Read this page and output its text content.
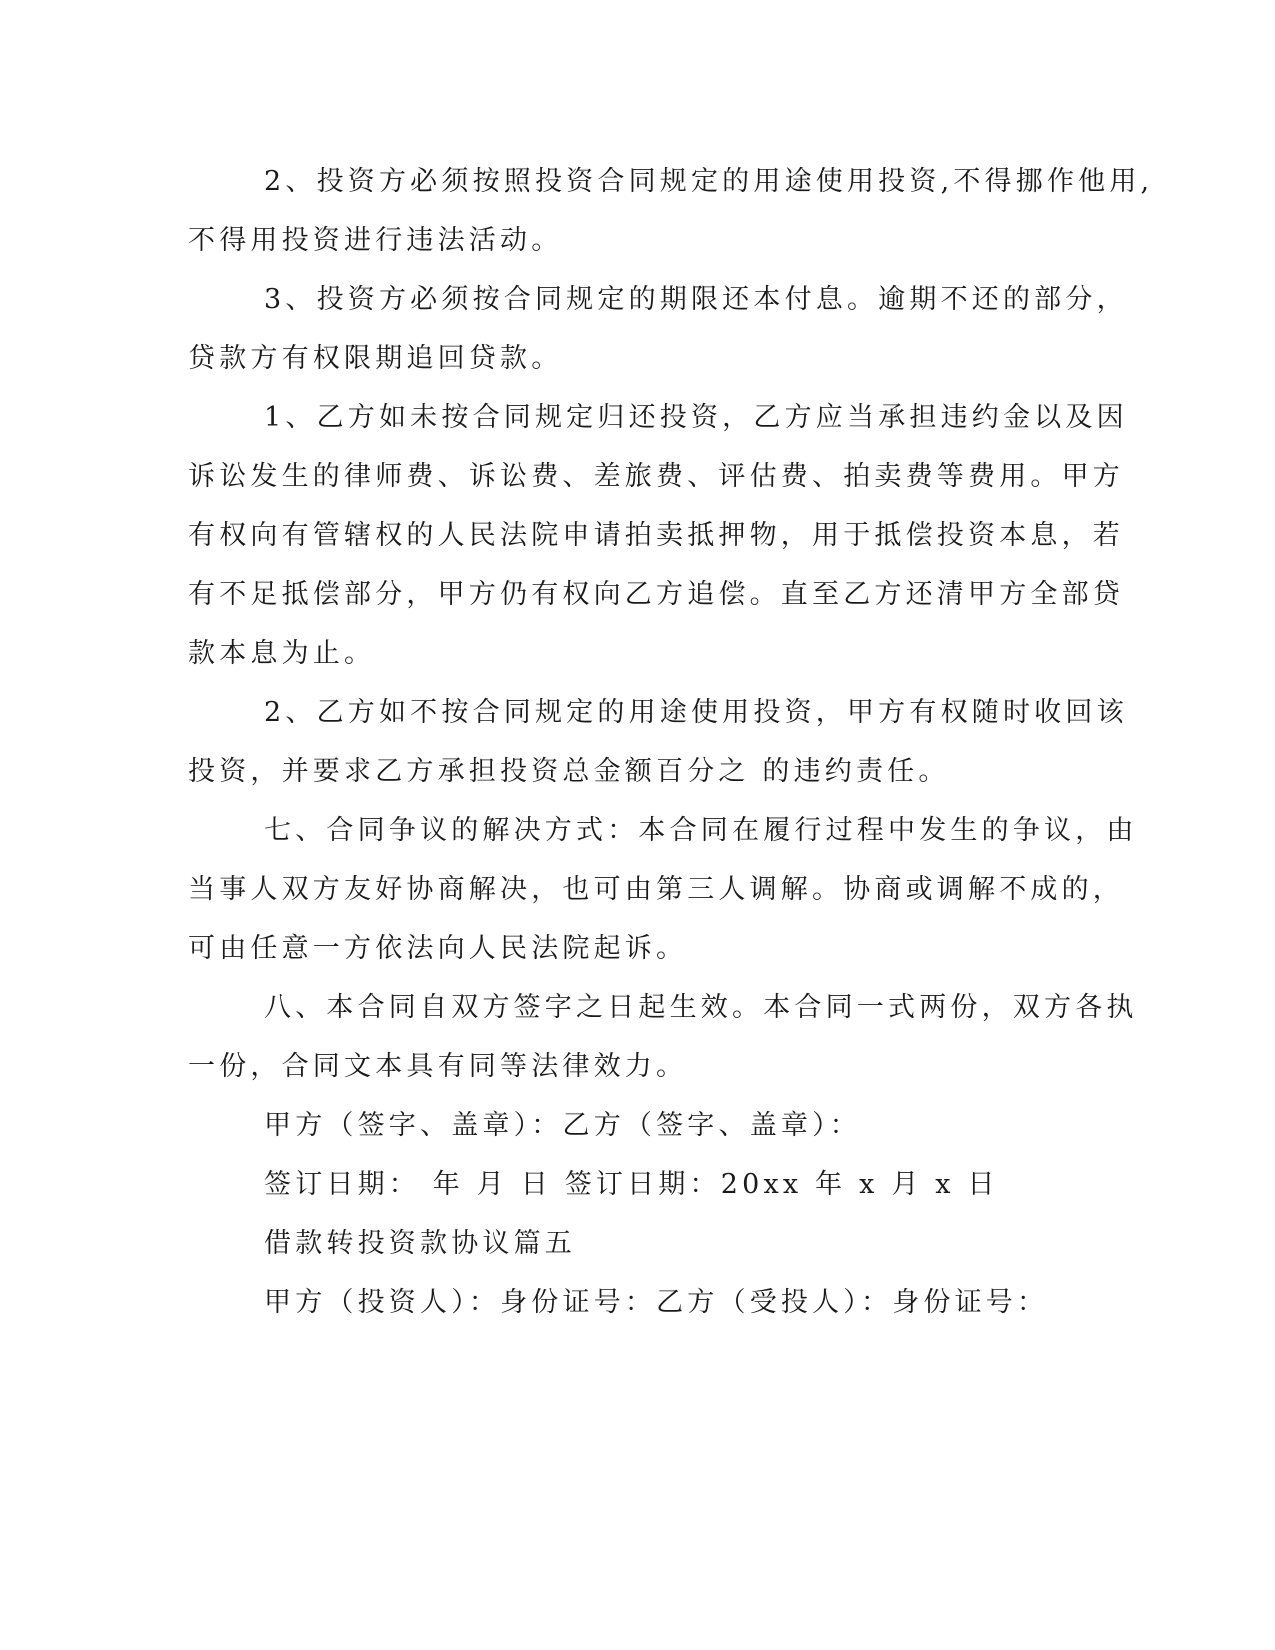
2、投资方必须按照投资合同规定的用途使用投资,不得挪作他用,
不得用投资进行违法活动。
3、投资方必须按合同规定的期限还本付息。逾期不还的部分，
贷款方有权限期追回贷款。
1、乙方如未按合同规定归还投资，乙方应当承担违约金以及因
诉讼发生的律师费、诉讼费、差旅费、评估费、拍卖费等费用。甲方
有权向有管辖权的人民法院申请拍卖抵押物，用于抵偿投资本息，若
有不足抵偿部分，甲方仍有权向乙方追偿。直至乙方还清甲方全部贷
款本息为止。
2、乙方如不按合同规定的用途使用投资，甲方有权随时收回该
投资，并要求乙方承担投资总金额百分之 的违约责任。
七、合同争议的解决方式：本合同在履行过程中发生的争议，由
当事人双方友好协商解决，也可由第三人调解。协商或调解不成的，
可由任意一方依法向人民法院起诉。
八、本合同自双方签字之日起生效。本合同一式两份，双方各执
一份，合同文本具有同等法律效力。
甲方（签字、盖章）：乙方（签字、盖章）：
签订日期： 年 月 日 签订日期：20xx 年 x 月 x 日
借款转投资款协议篇五
甲方（投资人）：身份证号：乙方（受投人）：身份证号：
